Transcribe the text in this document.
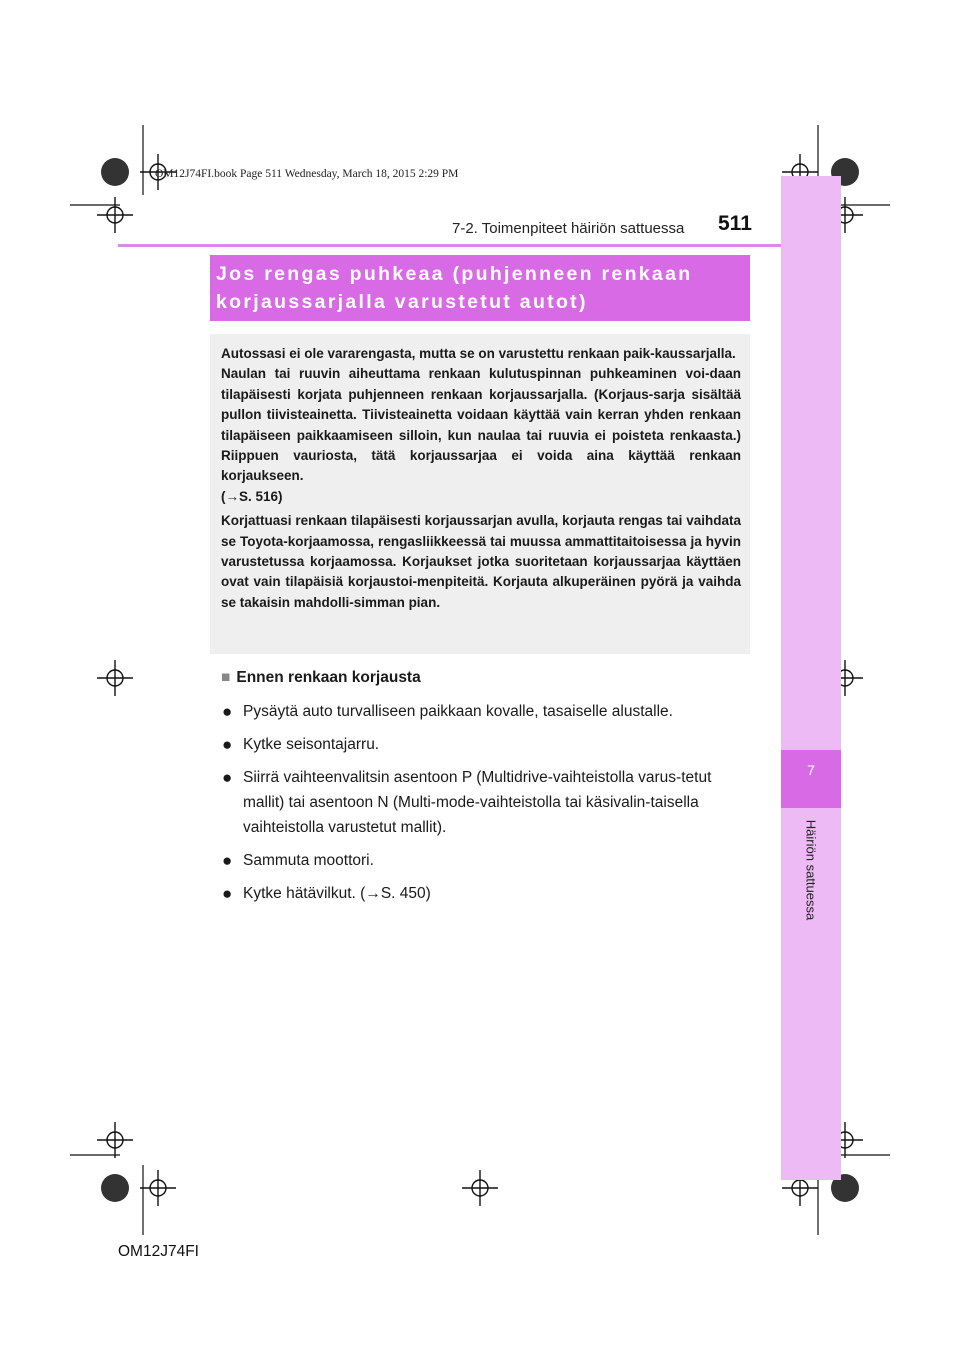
OM12J74FI.book Page 511 Wednesday, March 18, 2015 2:29 PM
7-2. Toimenpiteet häiriön sattuessa 511
7
Häiriön sattuessa
Jos rengas puhkeaa (puhjenneen renkaan
korjaussarjalla varustetut autot)

Autossasi ei ole vararengasta, mutta se on varustettu renkaan paik-kaussarjalla.

Naulan tai ruuvin aiheuttama renkaan kulutuspinnan puhkeaminen voi-daan tilapäisesti korjata puhjenneen renkaan korjaussarjalla. (Korjaus-sarja sisältää pullon tiivisteainetta. Tiivisteainetta voidaan käyttää vain kerran yhden renkaan tilapäiseen paikkaamiseen silloin, kun naulaa tai ruuvia ei poisteta renkaasta.) Riippuen vauriosta, tätä korjaussarjaa ei voida aina käyttää renkaan korjaukseen.

(→S. 516)

Korjattuasi renkaan tilapäisesti korjaussarjan avulla, korjauta rengas tai vaihdata se Toyota-korjaamossa, rengasliikkeessä tai muussa ammattitaitoisessa ja hyvin varustetussa korjaamossa. Korjaukset jotka suoritetaan korjaussarjaa käyttäen ovat vain tilapäisiä korjaustoi-menpiteitä. Korjauta alkuperäinen pyörä ja vaihda se takaisin mahdolli-simman pian.

■ Ennen renkaan korjausta
● Pysäytä auto turvalliseen paikkaan kovalle, tasaiselle alustalle.
● Kytke seisontajarru.
● Siirrä vaihteenvalitsin asentoon P (Multidrive-vaihteistolla varus-tetut mallit) tai asentoon N (Multi-mode-vaihteistolla tai käsivalin-taisella vaihteistolla varustetut mallit).
● Sammuta moottori.
● Kytke hätävilkut. (→S. 450)
OM12J74FI
